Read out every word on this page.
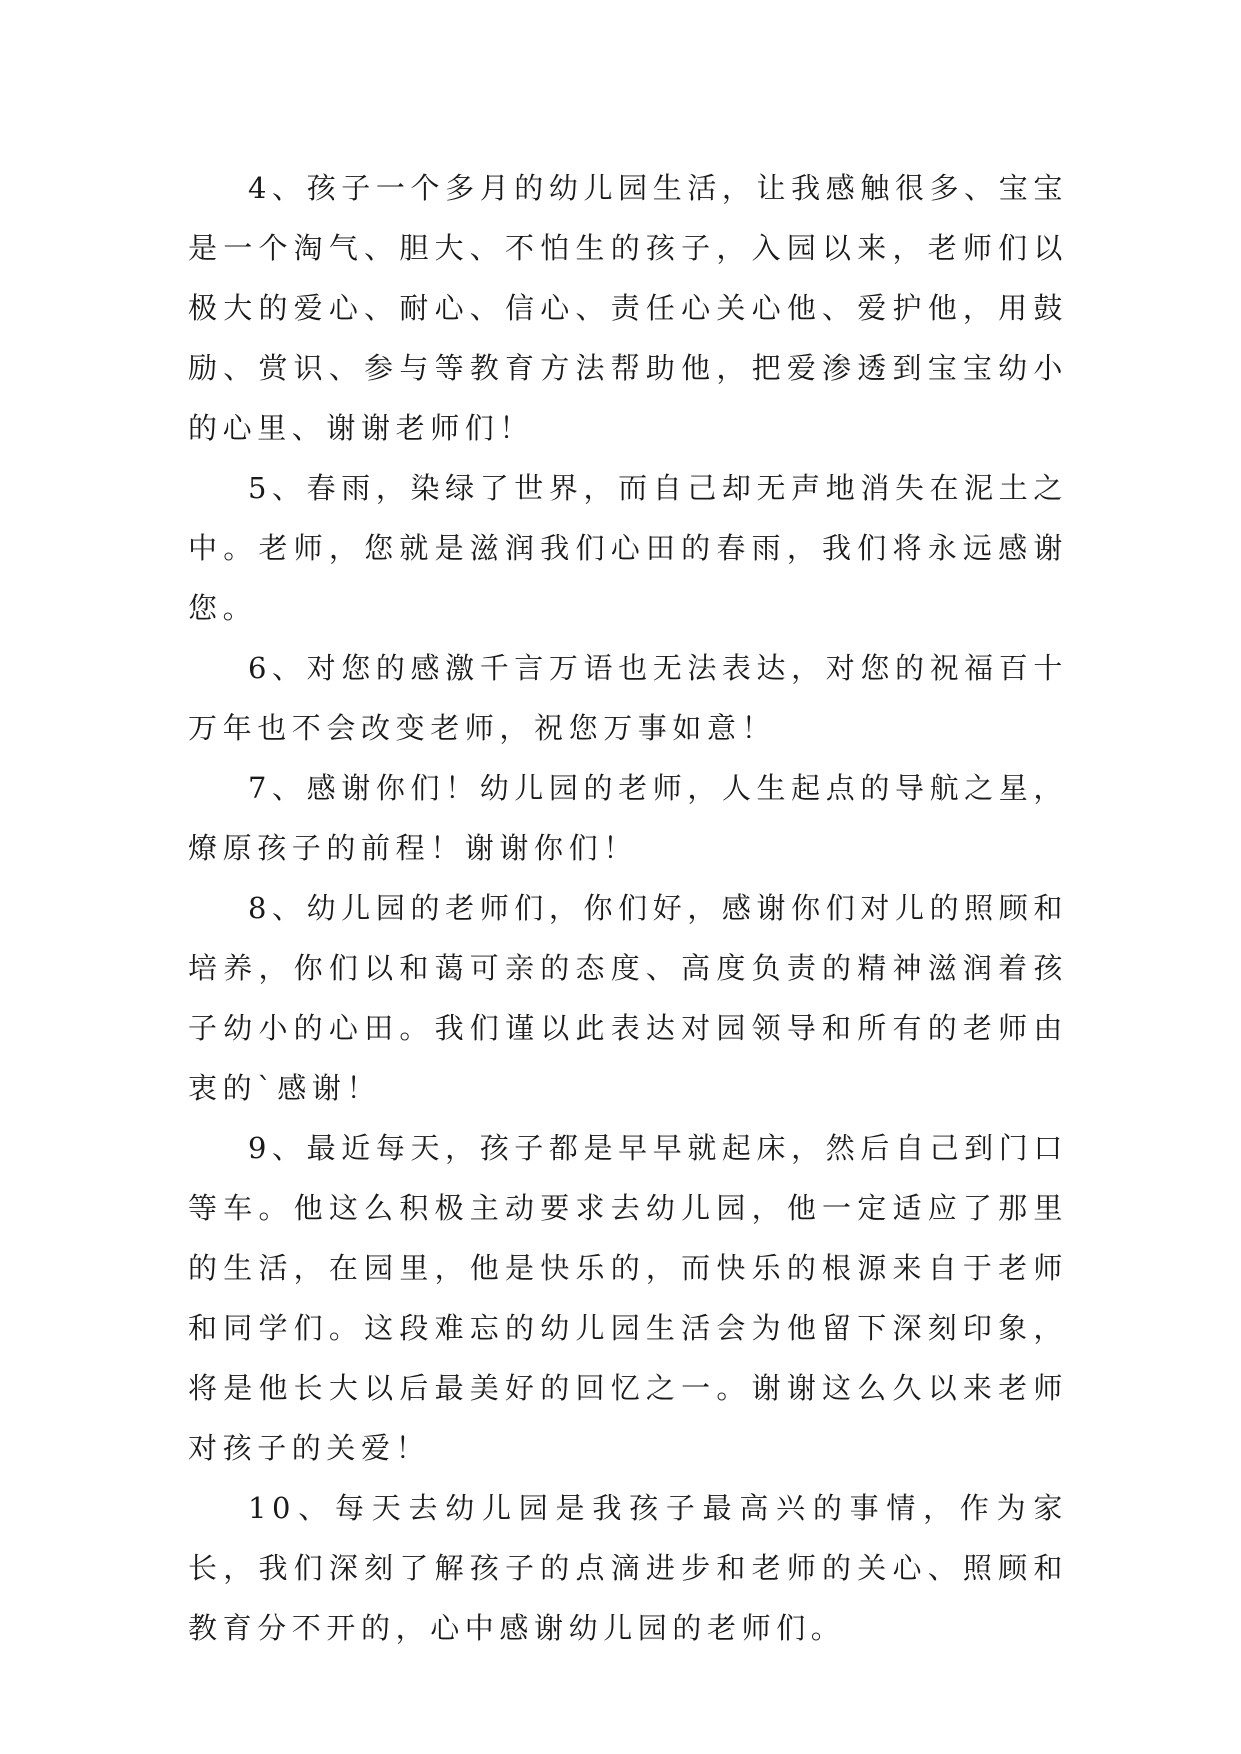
4、孩子一个多月的幼儿园生活，让我感触很多、宝宝是一个淘气、胆大、不怕生的孩子，入园以来，老师们以极大的爱心、耐心、信心、责任心关心他、爱护他，用鼓励、赏识、参与等教育方法帮助他，把爱渗透到宝宝幼小的心里、谢谢老师们！

5、春雨，染绿了世界，而自己却无声地消失在泥土之中。老师，您就是滋润我们心田的春雨，我们将永远感谢您。

6、对您的感激千言万语也无法表达，对您的祝福百十万年也不会改变老师，祝您万事如意！

7、感谢你们！幼儿园的老师，人生起点的导航之星，燎原孩子的前程！谢谢你们！

8、幼儿园的老师们，你们好，感谢你们对儿的照顾和培养，你们以和蔼可亲的态度、高度负责的精神滋润着孩子幼小的心田。我们谨以此表达对园领导和所有的老师由衷的`感谢！

9、最近每天，孩子都是早早就起床，然后自己到门口等车。他这么积极主动要求去幼儿园，他一定适应了那里的生活，在园里，他是快乐的，而快乐的根源来自于老师和同学们。这段难忘的幼儿园生活会为他留下深刻印象，将是他长大以后最美好的回忆之一。谢谢这么久以来老师对孩子的关爱！

10、每天去幼儿园是我孩子最高兴的事情，作为家长，我们深刻了解孩子的点滴进步和老师的关心、照顾和教育分不开的，心中感谢幼儿园的老师们。
